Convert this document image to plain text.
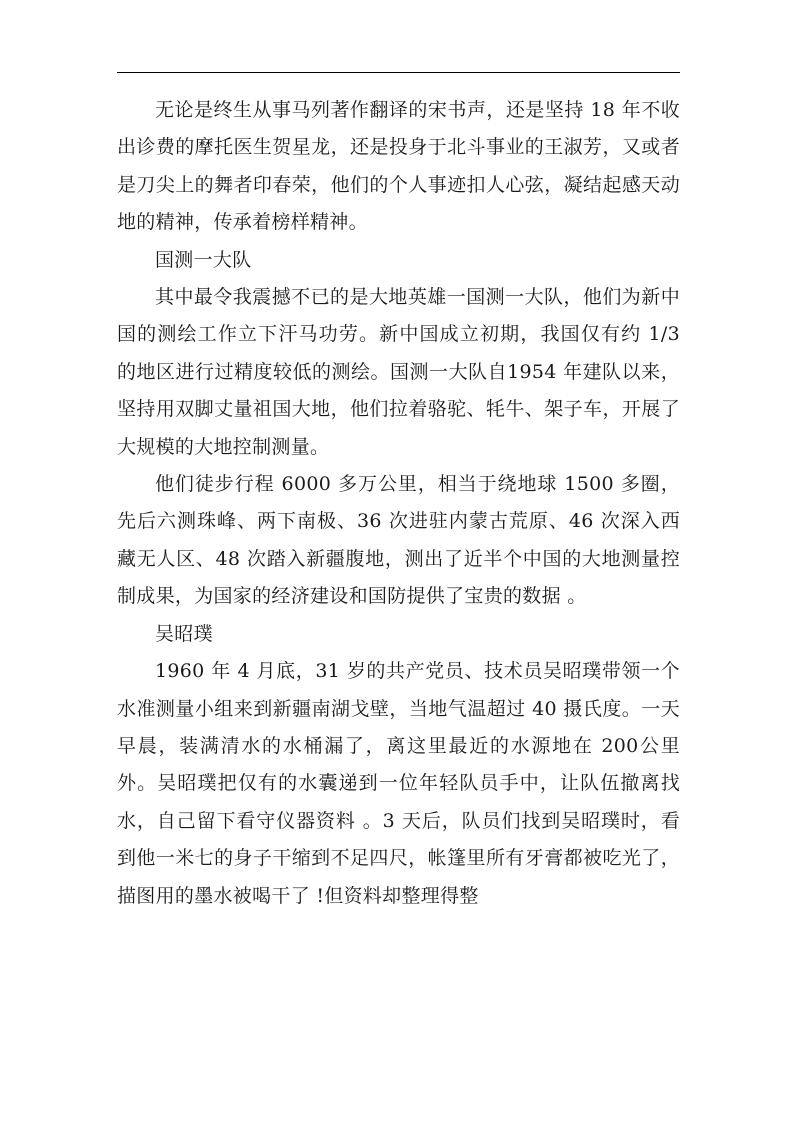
无论是终生从事马列著作翻译的宋书声，还是坚持 18 年不收出诊费的摩托医生贺星龙，还是投身于北斗事业的王淑芳，又或者是刀尖上的舞者印春荣，他们的个人事迹扣人心弦，凝结起感天动地的精神，传承着榜样精神。

国测一大队

其中最令我震撼不已的是大地英雄一国测一大队，他们为新中国的测绘工作立下汗马功劳。新中国成立初期，我国仅有约 1/3 的地区进行过精度较低的测绘。国测一大队自1954 年建队以来，坚持用双脚丈量祖国大地，他们拉着骆驼、牦牛、架子车，开展了大规模的大地控制测量。

他们徒步行程 6000 多万公里，相当于绕地球 1500 多圈，先后六测珠峰、两下南极、36 次进驻内蒙古荒原、46 次深入西藏无人区、48 次踏入新疆腹地，测出了近半个中国的大地测量控制成果，为国家的经济建设和国防提供了宝贵的数据 。

吴昭璞

1960 年 4 月底，31 岁的共产党员、技术员吴昭璞带领一个水准测量小组来到新疆南湖戈壁，当地气温超过 40 摄氏度。一天早晨，装满清水的水桶漏了，离这里最近的水源地在 200公里外。吴昭璞把仅有的水囊递到一位年轻队员手中，让队伍撤离找水，自己留下看守仪器资料 。3 天后，队员们找到吴昭璞时，看到他一米七的身子干缩到不足四尺，帐篷里所有牙膏都被吃光了，描图用的墨水被喝干了 !但资料却整理得整
